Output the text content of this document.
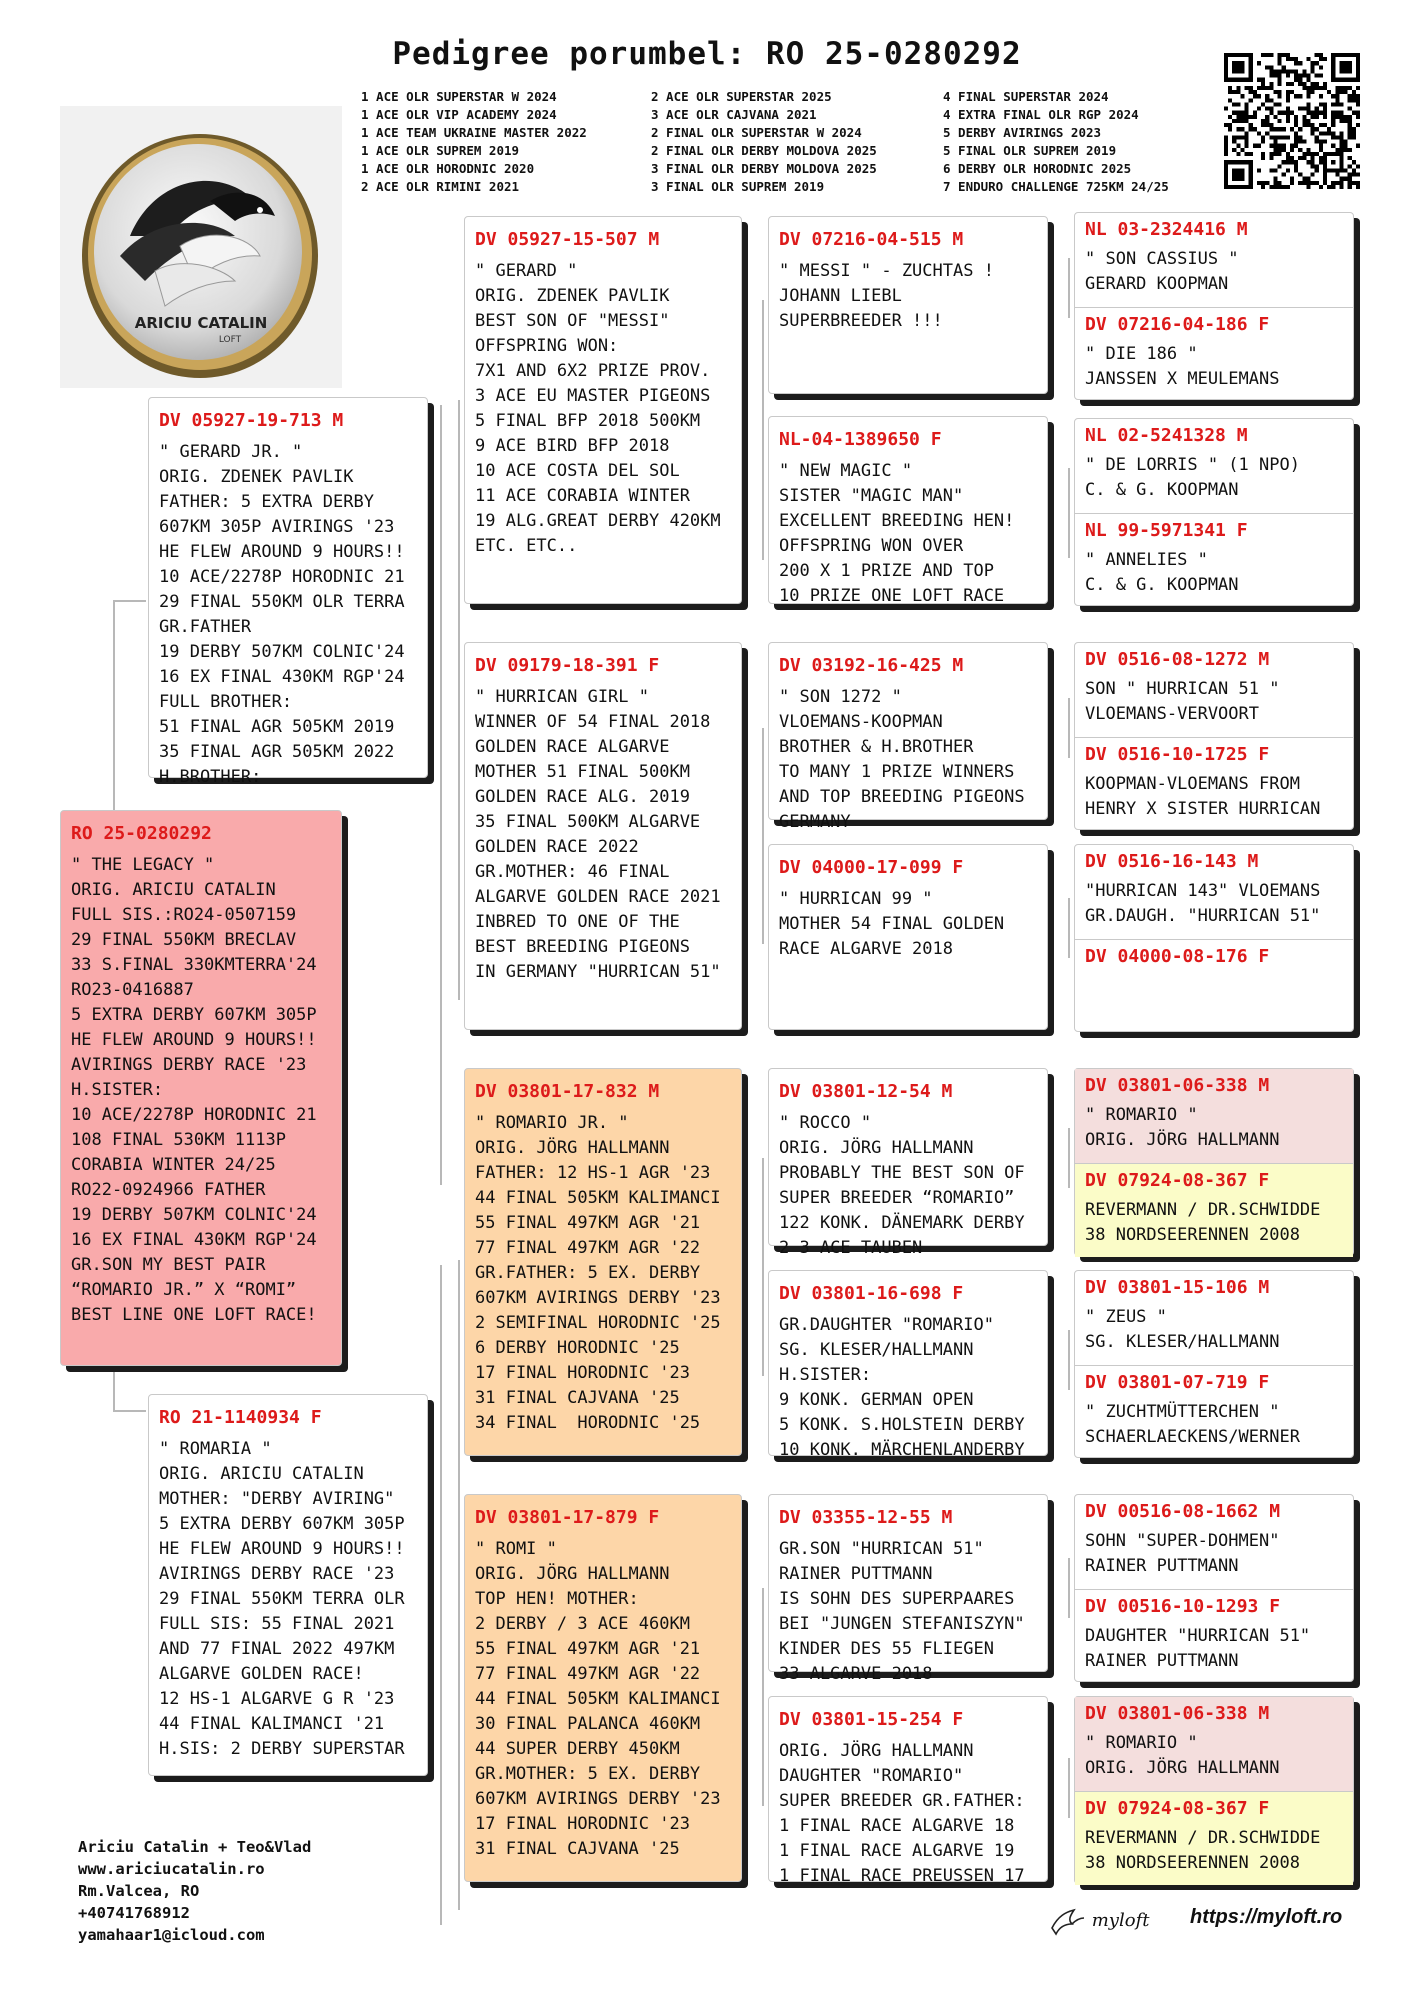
Pedigree porumbel: RO 25-0280292
1 ACE OLR SUPERSTAR W 2024
1 ACE OLR VIP ACADEMY 2024
1 ACE TEAM UKRAINE MASTER 2022
1 ACE OLR SUPREM 2019
1 ACE OLR HORODNIC 2020
2 ACE OLR RIMINI 2021
2 ACE OLR SUPERSTAR 2025
3 ACE OLR CAJVANA 2021
2 FINAL OLR SUPERSTAR W 2024
2 FINAL OLR DERBY MOLDOVA 2025
3 FINAL OLR DERBY MOLDOVA 2025
3 FINAL OLR SUPREM 2019
4 FINAL SUPERSTAR 2024
4 EXTRA FINAL OLR RGP 2024
5 DERBY AVIRINGS 2023
5 FINAL OLR SUPREM 2019
6 DERBY OLR HORODNIC 2025
7 ENDURO CHALLENGE 725KM 24/25
ARICIU CATALIN
LOFT
RO 25-0280292
" THE LEGACY "
ORIG. ARICIU CATALIN
FULL SIS.:RO24-0507159
29 FINAL 550KM BRECLAV
33 S.FINAL 330KMTERRA'24
RO23-0416887
5 EXTRA DERBY 607KM 305P
HE FLEW AROUND 9 HOURS!!
AVIRINGS DERBY RACE '23
H.SISTER:
10 ACE/2278P HORODNIC 21
108 FINAL 530KM 1113P
CORABIA WINTER 24/25
RO22-0924966 FATHER
19 DERBY 507KM COLNIC'24
16 EX FINAL 430KM RGP'24
GR.SON MY BEST PAIR
“ROMARIO JR.” X “ROMI”
BEST LINE ONE LOFT RACE!
DV 05927-19-713 M
" GERARD JR. "
ORIG. ZDENEK PAVLIK
FATHER: 5 EXTRA DERBY
607KM 305P AVIRINGS '23
HE FLEW AROUND 9 HOURS!!
10 ACE/2278P HORODNIC 21
29 FINAL 550KM OLR TERRA
GR.FATHER
19 DERBY 507KM COLNIC'24
16 EX FINAL 430KM RGP'24
FULL BROTHER:
51 FINAL AGR 505KM 2019
35 FINAL AGR 505KM 2022
H.BROTHER:
RO 21-1140934 F
" ROMARIA "
ORIG. ARICIU CATALIN
MOTHER: "DERBY AVIRING"
5 EXTRA DERBY 607KM 305P
HE FLEW AROUND 9 HOURS!!
AVIRINGS DERBY RACE '23
29 FINAL 550KM TERRA OLR
FULL SIS: 55 FINAL 2021
AND 77 FINAL 2022 497KM
ALGARVE GOLDEN RACE!
12 HS-1 ALGARVE G R '23
44 FINAL KALIMANCI '21
H.SIS: 2 DERBY SUPERSTAR
DV 05927-15-507 M
" GERARD "
ORIG. ZDENEK PAVLIK
BEST SON OF "MESSI"
OFFSPRING WON:
7X1 AND 6X2 PRIZE PROV.
3 ACE EU MASTER PIGEONS
5 FINAL BFP 2018 500KM
9 ACE BIRD BFP 2018
10 ACE COSTA DEL SOL
11 ACE CORABIA WINTER
19 ALG.GREAT DERBY 420KM
ETC. ETC..
DV 09179-18-391 F
" HURRICAN GIRL "
WINNER OF 54 FINAL 2018
GOLDEN RACE ALGARVE
MOTHER 51 FINAL 500KM
GOLDEN RACE ALG. 2019
35 FINAL 500KM ALGARVE
GOLDEN RACE 2022
GR.MOTHER: 46 FINAL
ALGARVE GOLDEN RACE 2021
INBRED TO ONE OF THE
BEST BREEDING PIGEONS
IN GERMANY "HURRICAN 51"
DV 03801-17-832 M
" ROMARIO JR. "
ORIG. JÖRG HALLMANN
FATHER: 12 HS-1 AGR '23
44 FINAL 505KM KALIMANCI
55 FINAL 497KM AGR '21
77 FINAL 497KM AGR '22
GR.FATHER: 5 EX. DERBY
607KM AVIRINGS DERBY '23
2 SEMIFINAL HORODNIC '25
6 DERBY HORODNIC '25
17 FINAL HORODNIC '23
31 FINAL CAJVANA '25
34 FINAL  HORODNIC '25
DV 03801-17-879 F
" ROMI "
ORIG. JÖRG HALLMANN
TOP HEN! MOTHER:
2 DERBY / 3 ACE 460KM
55 FINAL 497KM AGR '21
77 FINAL 497KM AGR '22
44 FINAL 505KM KALIMANCI
30 FINAL PALANCA 460KM
44 SUPER DERBY 450KM
GR.MOTHER: 5 EX. DERBY
607KM AVIRINGS DERBY '23
17 FINAL HORODNIC '23
31 FINAL CAJVANA '25
DV 07216-04-515 M
" MESSI " - ZUCHTAS !
JOHANN LIEBL
SUPERBREEDER !!!
NL-04-1389650 F
" NEW MAGIC "
SISTER "MAGIC MAN"
EXCELLENT BREEDING HEN!
OFFSPRING WON OVER
200 X 1 PRIZE AND TOP
10 PRIZE ONE LOFT RACE
DV 03192-16-425 M
" SON 1272 "
VLOEMANS-KOOPMAN
BROTHER & H.BROTHER
TO MANY 1 PRIZE WINNERS
AND TOP BREEDING PIGEONS
GERMANY
DV 04000-17-099 F
" HURRICAN 99 "
MOTHER 54 FINAL GOLDEN
RACE ALGARVE 2018
DV 03801-12-54 M
" ROCCO "
ORIG. JÖRG HALLMANN
PROBABLY THE BEST SON OF
SUPER BREEDER “ROMARIO”
122 KONK. DÄNEMARK DERBY
2 3 ACE TAUBEN
DV 03801-16-698 F
GR.DAUGHTER "ROMARIO"
SG. KLESER/HALLMANN
H.SISTER:
9 KONK. GERMAN OPEN
5 KONK. S.HOLSTEIN DERBY
10 KONK. MÄRCHENLANDERBY
DV 03355-12-55 M
GR.SON "HURRICAN 51"
RAINER PUTTMANN
IS SOHN DES SUPERPAARES
BEI "JUNGEN STEFANISZYN"
KINDER DES 55 FLIEGEN
33 ALGARVE 2018
DV 03801-15-254 F
ORIG. JÖRG HALLMANN
DAUGHTER "ROMARIO"
SUPER BREEDER GR.FATHER:
1 FINAL RACE ALGARVE 18
1 FINAL RACE ALGARVE 19
1 FINAL RACE PREUSSEN 17
NL 03-2324416 M
" SON CASSIUS "
GERARD KOOPMAN
DV 07216-04-186 F
" DIE 186 "
JANSSEN X MEULEMANS
NL 02-5241328 M
" DE LORRIS " (1 NPO)
C. & G. KOOPMAN
NL 99-5971341 F
" ANNELIES "
C. & G. KOOPMAN
DV 0516-08-1272 M
SON " HURRICAN 51 "
VLOEMANS-VERVOORT
DV 0516-10-1725 F
KOOPMAN-VLOEMANS FROM
HENRY X SISTER HURRICAN
DV 0516-16-143 M
"HURRICAN 143" VLOEMANS
GR.DAUGH. "HURRICAN 51"
DV 04000-08-176 F
DV 03801-06-338 M
" ROMARIO "
ORIG. JÖRG HALLMANN
DV 07924-08-367 F
REVERMANN / DR.SCHWIDDE
38 NORDSEERENNEN 2008
DV 03801-15-106 M
" ZEUS "
SG. KLESER/HALLMANN
DV 03801-07-719 F
" ZUCHTMÜTTERCHEN "
SCHAERLAECKENS/WERNER
DV 00516-08-1662 M
SOHN "SUPER-DOHMEN"
RAINER PUTTMANN
DV 00516-10-1293 F
DAUGHTER "HURRICAN 51"
RAINER PUTTMANN
DV 03801-06-338 M
" ROMARIO "
ORIG. JÖRG HALLMANN
DV 07924-08-367 F
REVERMANN / DR.SCHWIDDE
38 NORDSEERENNEN 2008
Ariciu Catalin + Teo&Vlad
www.ariciucatalin.ro
Rm.Valcea, RO
+40741768912
yamahaar1@icloud.com
myloft https://myloft.ro
